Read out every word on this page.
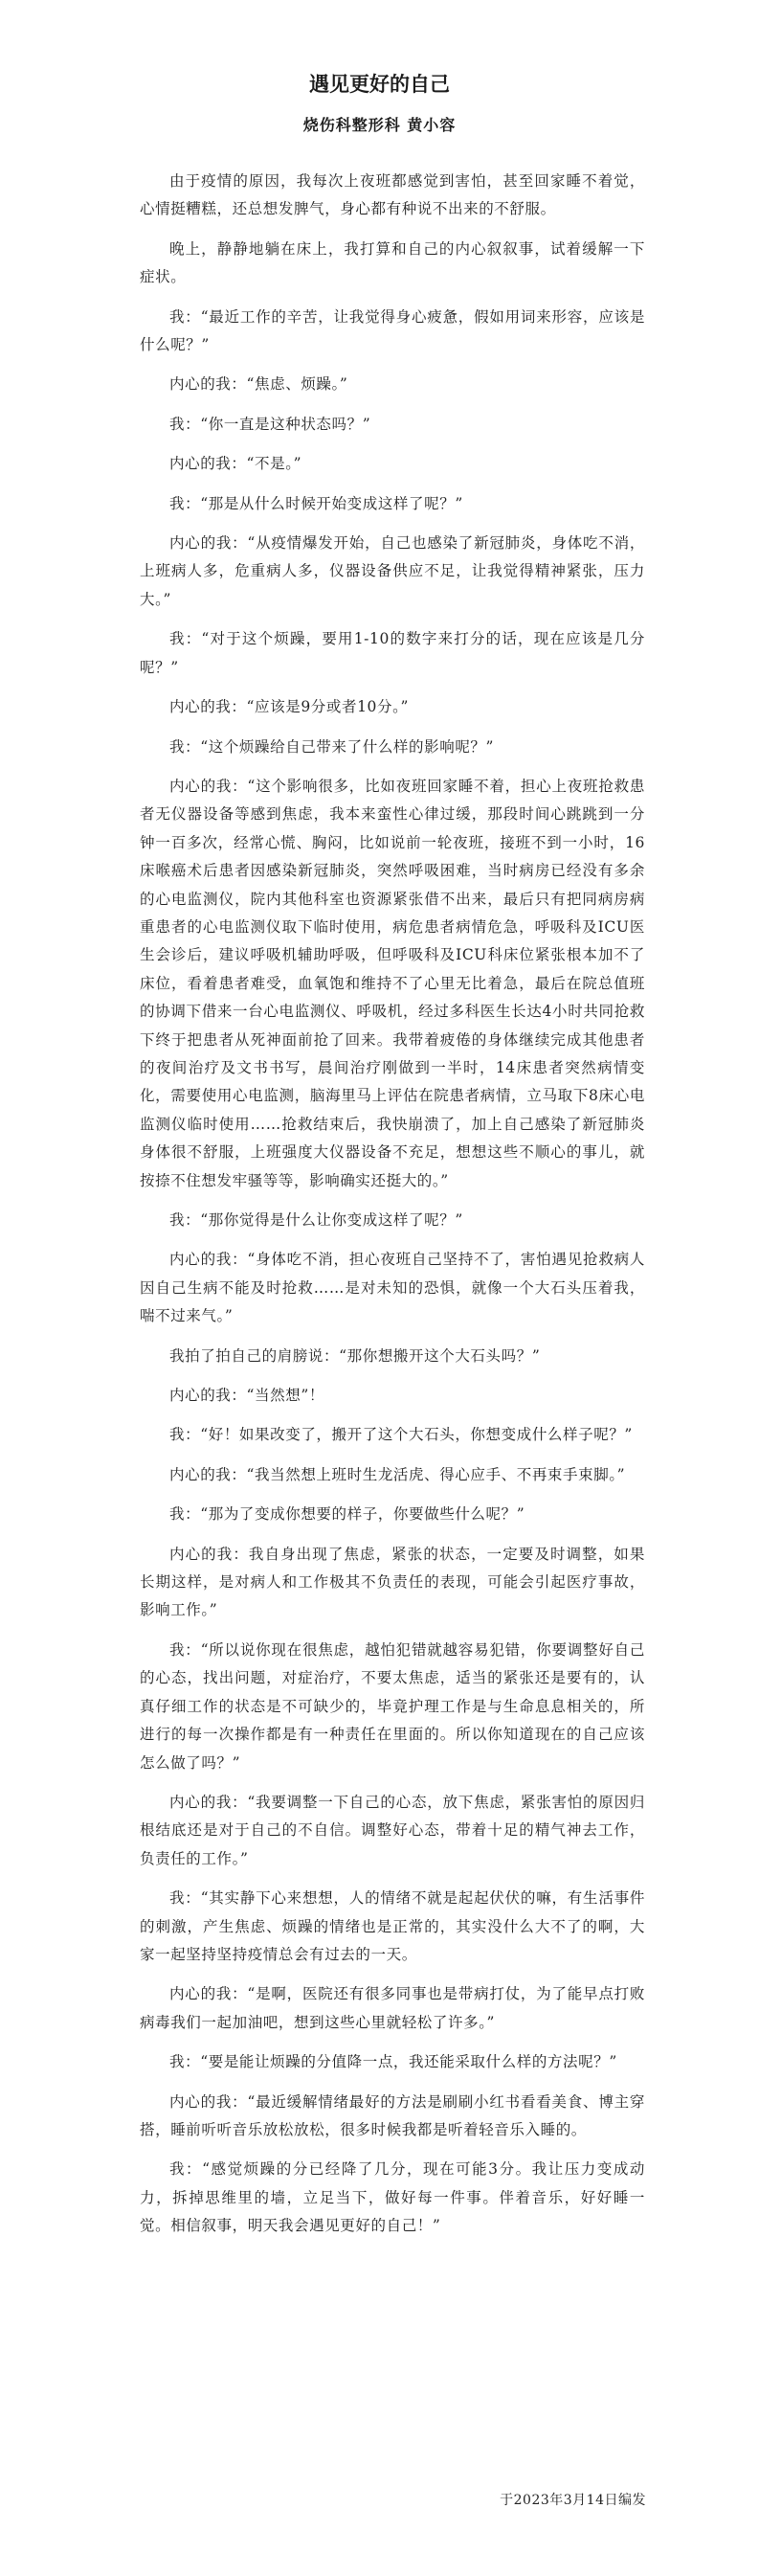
遇见更好的自己
烧伤科整形科 黄小容

由于疫情的原因，我每次上夜班都感觉到害怕，甚至回家睡不着觉，心情挺糟糕，还总想发脾气，身心都有种说不出来的不舒服。

晚上，静静地躺在床上，我打算和自己的内心叙叙事，试着缓解一下症状。

我：“最近工作的辛苦，让我觉得身心疲惫，假如用词来形容，应该是什么呢？”

内心的我：“焦虑、烦躁。”

我：“你一直是这种状态吗？”

内心的我：“不是。”

我：“那是从什么时候开始变成这样了呢？”

内心的我：“从疫情爆发开始，自己也感染了新冠肺炎，身体吃不消，上班病人多，危重病人多，仪器设备供应不足，让我觉得精神紧张，压力大。”

我：“对于这个烦躁，要用1-10的数字来打分的话，现在应该是几分呢？”

内心的我：“应该是9分或者10分。”

我：“这个烦躁给自己带来了什么样的影响呢？”

内心的我：“这个影响很多，比如夜班回家睡不着，担心上夜班抢救患者无仪器设备等感到焦虑，我本来蛮性心律过缓，那段时间心跳跳到一分钟一百多次，经常心慌、胸闷，比如说前一轮夜班，接班不到一小时，16床喉癌术后患者因感染新冠肺炎，突然呼吸困难，当时病房已经没有多余的心电监测仪，院内其他科室也资源紧张借不出来，最后只有把同病房病重患者的心电监测仪取下临时使用，病危患者病情危急，呼吸科及ICU医生会诊后，建议呼吸机辅助呼吸，但呼吸科及ICU科床位紧张根本加不了床位，看着患者难受，血氧饱和维持不了心里无比着急，最后在院总值班的协调下借来一台心电监测仪、呼吸机，经过多科医生长达4小时共同抢救下终于把患者从死神面前抢了回来。我带着疲倦的身体继续完成其他患者的夜间治疗及文书书写，晨间治疗刚做到一半时，14床患者突然病情变化，需要使用心电监测，脑海里马上评估在院患者病情，立马取下8床心电监测仪临时使用……抢救结束后，我快崩溃了，加上自己感染了新冠肺炎身体很不舒服，上班强度大仪器设备不充足，想想这些不顺心的事儿，就按捺不住想发牢骚等等，影响确实还挺大的。”

我：“那你觉得是什么让你变成这样了呢？”

内心的我：“身体吃不消，担心夜班自己坚持不了，害怕遇见抢救病人因自己生病不能及时抢救……是对未知的恐惧，就像一个大石头压着我，喘不过来气。”

我拍了拍自己的肩膀说：“那你想搬开这个大石头吗？”

内心的我：“当然想”！

我：“好！如果改变了，搬开了这个大石头，你想变成什么样子呢？”

内心的我：“我当然想上班时生龙活虎、得心应手、不再束手束脚。”

我：“那为了变成你想要的样子，你要做些什么呢？”

内心的我：我自身出现了焦虑，紧张的状态，一定要及时调整，如果长期这样，是对病人和工作极其不负责任的表现，可能会引起医疗事故，影响工作。”

我：“所以说你现在很焦虑，越怕犯错就越容易犯错，你要调整好自己的心态，找出问题，对症治疗，不要太焦虑，适当的紧张还是要有的，认真仔细工作的状态是不可缺少的，毕竟护理工作是与生命息息相关的，所进行的每一次操作都是有一种责任在里面的。所以你知道现在的自己应该怎么做了吗？”

内心的我：“我要调整一下自己的心态，放下焦虑，紧张害怕的原因归根结底还是对于自己的不自信。调整好心态，带着十足的精气神去工作，负责任的工作。”

我：“其实静下心来想想，人的情绪不就是起起伏伏的嘛，有生活事件的刺激，产生焦虑、烦躁的情绪也是正常的，其实没什么大不了的啊，大家一起坚持坚持疫情总会有过去的一天。

内心的我：“是啊，医院还有很多同事也是带病打仗，为了能早点打败病毒我们一起加油吧，想到这些心里就轻松了许多。”

我：“要是能让烦躁的分值降一点，我还能采取什么样的方法呢？”

内心的我：“最近缓解情绪最好的方法是刷刷小红书看看美食、博主穿搭，睡前听听音乐放松放松，很多时候我都是听着轻音乐入睡的。

我：“感觉烦躁的分已经降了几分，现在可能3分。我让压力变成动力，拆掉思维里的墙，立足当下，做好每一件事。伴着音乐，好好睡一觉。相信叙事，明天我会遇见更好的自己！”

于2023年3月14日编发
